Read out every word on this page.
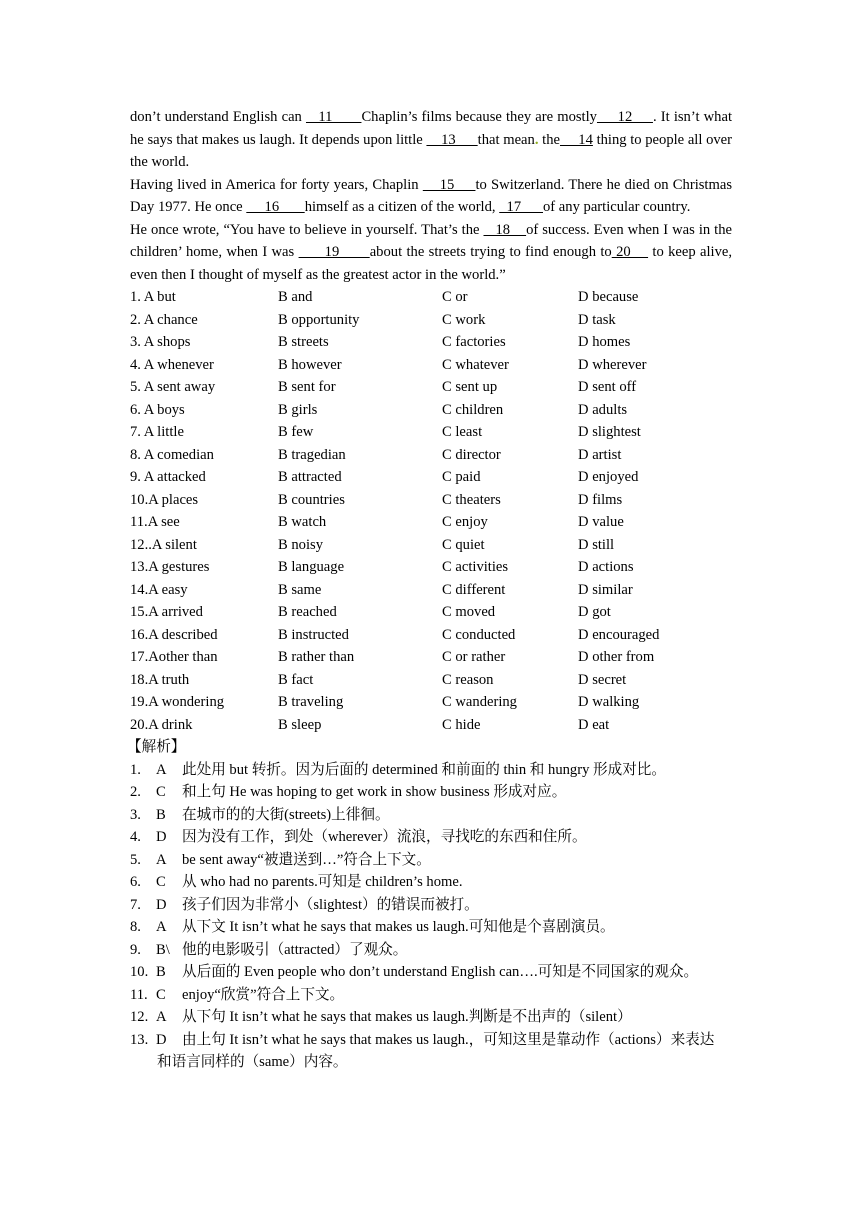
don’t understand English can    11       Chaplin’s films because they are mostly     12     . It isn’t what he says that makes us laugh. It depends upon little     13      that mean. the     14 thing to people all over the world.

Having lived in America for forty years, Chaplin     15     to Switzerland. There he died on Christmas Day 1977. He once      16       himself as a citizen of the world,   17      of any particular country.

He once wrote, “You have to believe in yourself. That’s the    18    of success. Even when I was in the children’ home, when I was       19       about the streets trying to find enough to 20     to keep alive, even then I thought of myself as the greatest actor in the world.”

1. A but	B and	C or	D because
2. A chance	B opportunity	C work	D task
3. A shops	B streets	C factories	D homes
4. A whenever	B however	C whatever	D wherever
5. A sent away	B sent for	C sent up	D sent off
6. A boys	B girls	C children	D adults
7. A little	B few	C least	D slightest
8. A comedian	B tragedian	C director	D artist
9. A attacked	B attracted	C paid	D enjoyed
10.A places	B countries	C theaters	D films
11.A see	B watch	C enjoy	D value
12..A silent	B noisy	C quiet	D still
13.A gestures	B language	C activities	D actions
14.A easy	B same	C different	D similar
15.A arrived	B reached	C moved	D got
16.A described	B instructed	C conducted	D encouraged
17.Aother than	B rather than	C or rather	D other from
18.A truth	B fact	C reason	D secret
19.A wondering	B traveling	C wandering	D walking
20.A drink	B sleep	C hide	D eat
【解析】
1.	A	此处用 but 转折。因为后面的 determined 和前面的 thin 和 hungry 形成对比。
2.	C	和上句 He was hoping to get work in show business 形成对应。
3.	B	在城市的的大街(streets)上徘徊。
4.	D	因为没有工作，到处（wherever）流浪，寻找吃的东西和住所。
5.	A	be sent away“被遣送到…”符合上下文。
6.	C	从 who had no parents.可知是 children’s home.
7.	D	孩子们因为非常小（slightest）的错误而被打。
8.	A	从下文 It isn’t what he says that makes us laugh.可知他是个喜剧演员。
9.	B\ 他的电影吸引（attracted）了观众。
10. B	从后面的 Even people who don’t understand English can….可知是不同国家的观众。
11. C	enjoy“欣赏”符合上下文。
12. A	从下句 It isn’t what he says that makes us laugh.判断是不出声的（silent）
13. D	由上句 It isn’t what he says that makes us laugh.，可知这里是靠动作（actions）来表达
和语言同样的（same）内容。
